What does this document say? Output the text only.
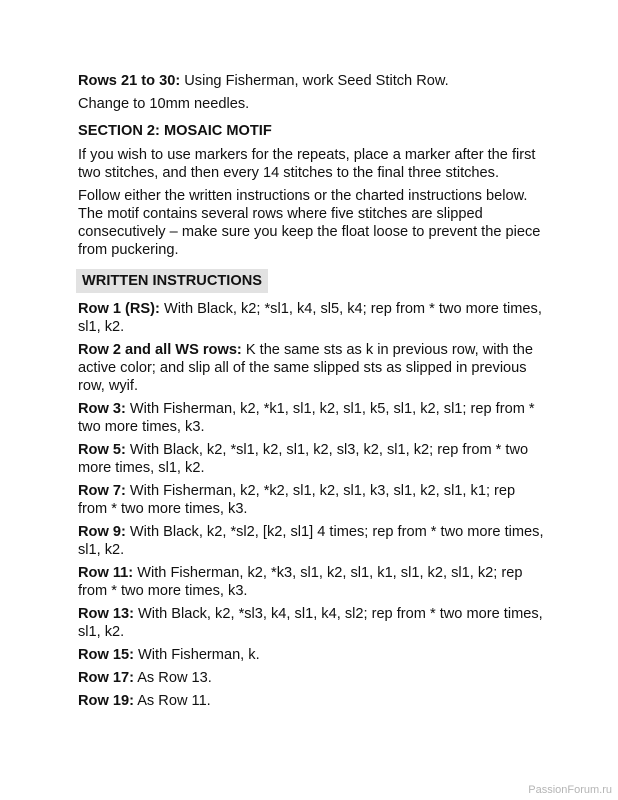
Rows 21 to 30: Using Fisherman, work Seed Stitch Row.

Change to 10mm needles.

SECTION 2: MOSAIC MOTIF

If you wish to use markers for the repeats, place a marker after the first two stitches, and then every 14 stitches to the final three stitches.

Follow either the written instructions or the charted instructions below. The motif contains several rows where five stitches are slipped consecutively – make sure you keep the float loose to prevent the piece from puckering.

WRITTEN INSTRUCTIONS

Row 1 (RS): With Black, k2; *sl1, k4, sl5, k4; rep from * two more times, sl1, k2.

Row 2 and all WS rows: K the same sts as k in previous row, with the active color; and slip all of the same slipped sts as slipped in previous row, wyif.

Row 3: With Fisherman, k2, *k1, sl1, k2, sl1, k5, sl1, k2, sl1; rep from * two more times, k3.

Row 5: With Black, k2, *sl1, k2, sl1, k2, sl3, k2, sl1, k2; rep from * two more times, sl1, k2.

Row 7: With Fisherman, k2, *k2, sl1, k2, sl1, k3, sl1, k2, sl1, k1; rep from * two more times, k3.

Row 9: With Black, k2, *sl2, [k2, sl1] 4 times; rep from * two more times, sl1, k2.

Row 11: With Fisherman, k2, *k3, sl1, k2, sl1, k1, sl1, k2, sl1, k2; rep from * two more times, k3.

Row 13: With Black, k2, *sl3, k4, sl1, k4, sl2; rep from * two more times, sl1, k2.

Row 15: With Fisherman, k.

Row 17: As Row 13.

Row 19: As Row 11.

PassionForum.ru
